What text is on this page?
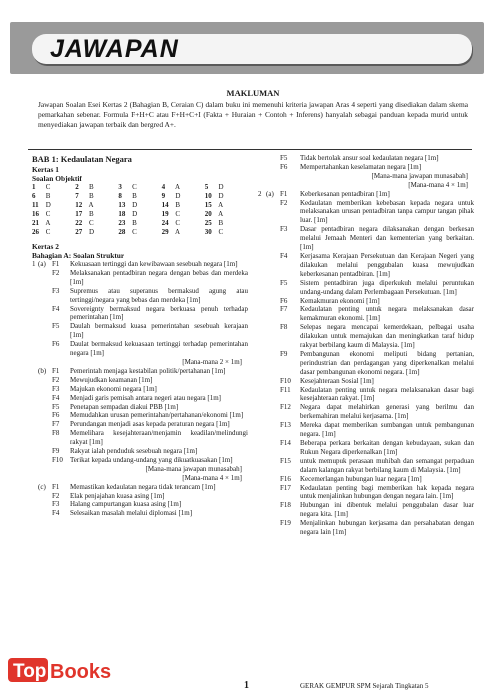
JAWAPAN
MAKLUMAN

Jawapan Soalan Esei Kertas 2 (Bahagian B, Ceraian C) dalam buku ini memenuhi kriteria jawapan Aras 4 seperti yang disediakan dalam skema pemarkahan sebenar. Formula F+H+C atau F+H+C+I (Fakta + Huraian + Contoh + Inferens) hanyalah sebagai panduan kepada murid untuk menyediakan jawapan terbaik dan bergred A+.

BAB 1: Kedaulatan Negara
Kertas 1
Soalan Objektif
1 C	2 B	3 C	4 A	5 D
6 B	7 B	8 B	9 D	10 D
11 D	12 A	13 D	14 B	15 A
16 C	17 B	18 D	19 C	20 A
21 A	22 C	23 B	24 C	25 B
26 C	27 D	28 C	29 A	30 C
Kertas 2
Bahagian A: Soalan Struktur
1 (a) F1 Kekuasaan tertinggi dan kewibawaan sesebuah negara [1m]
F2 Melaksanakan pentadbiran negara dengan bebas dan merdeka [1m]
F3 Supremus atau superanus bermaksud agung atau tertinggi/negara yang bebas dan merdeka [1m]
F4 Sovereignty bermaksud negara berkuasa penuh terhadap pemerintahan [1m]
F5 Daulah bermaksud kuasa pemerintahan sesebuah kerajaan [1m]
F6 Daulat bermaksud kekuasaan tertinggi terhadap pemerintahan negara [1m]
[Mana-mana 2 × 1m]
(b) F1 Pemerintah menjaga kestabilan politik/pertahanan [1m]
F2 Mewujudkan keamanan [1m]
F3 Majukan ekonomi negara [1m]
F4 Menjadi garis pemisah antara negeri atau negara [1m]
F5 Penetapan sempadan diakui PBB [1m]
F6 Memudahkan urusan pemerintahan/pertahanan/ekonomi [1m]
F7 Perundangan menjadi asas kepada peraturan negara [1m]
F8 Memelihara kesejahteraan/menjamin keadilan/melindungi rakyat [1m]
F9 Rakyat ialah penduduk sesebuah negara [1m]
F10 Terikat kepada undang-undang yang dikuatkuasakan [1m]
[Mana-mana jawapan munasabah]
[Mana-mana 4 × 1m]
(c) F1 Memastikan kedaulatan negara tidak terancam [1m]
F2 Elak penjajahan kuasa asing [1m]
F3 Halang campurtangan kuasa asing [1m]
F4 Selesaikan masalah melalui diplomasi [1m]
F5 Tidak bertolak ansur soal kedaulatan negara [1m]
F6 Mempertahankan keselamatan negara [1m]
[Mana-mana jawapan munasabah]
[Mana-mana 4 × 1m]
2 (a) F1 Keberkesanan pentadbiran [1m]
F2 Kedaulatan memberikan kebebasan kepada negara untuk melaksanakan urusan pentadbiran tanpa campur tangan pihak luar. [1m]
F3 Dasar pentadbiran negara dilaksanakan dengan berkesan melalui Jemaah Menteri dan kementerian yang berkaitan. [1m]
F4 Kerjasama Kerajaan Persekutuan dan Kerajaan Negeri yang dilakukan melalui penggubalan kuasa mewujudkan keberkesanan pentadbiran. [1m]
F5 Sistem pentadbiran juga diperkukuh melalui peruntukan undang-undang dalam Perlembagaan Persekutuan. [1m]
F6 Kemakmuran ekonomi [1m]
F7 Kedaulatan penting untuk negara melaksanakan dasar kemakmuran ekonomi. [1m]
F8 Selepas negara mencapai kemerdekaan, pelbagai usaha dilakukan untuk memajukan dan meningkatkan taraf hidup rakyat berbilang kaum di Malaysia. [1m]
F9 Pembangunan ekonomi meliputi bidang pertanian, perindustrian dan perdagangan yang diperkenalkan melalui dasar pembangunan ekonomi negara. [1m]
F10 Kesejahteraan Sosial [1m]
F11 Kedaulatan penting untuk negara melaksanakan dasar bagi kesejahteraan rakyat. [1m]
F12 Negara dapat melahirkan generasi yang berilmu dan berkemahiran melalui kerjasama. [1m]
F13 Mereka dapat memberikan sumbangan untuk pembangunan negara. [1m]
F14 Beberapa perkara berkaitan dengan kebudayaan, sukan dan Rukun Negara diperkenalkan [1m]
F15 untuk memupuk perasaan muhibah dan semangat perpaduan dalam kalangan rakyat berbilang kaum di Malaysia. [1m]
F16 Kecemerlangan hubungan luar negara [1m]
F17 Kedaulatan penting bagi memberikan hak kepada negara untuk menjalinkan hubungan dengan negara lain. [1m]
F18 Hubungan ini dibentuk melalui penggubalan dasar luar negara kita. [1m]
F19 Menjalinkan hubungan kerjasama dan persahabatan dengan negara lain [1m]
1	GERAK GEMPUR SPM Sejarah Tingkatan 5
Top Books
